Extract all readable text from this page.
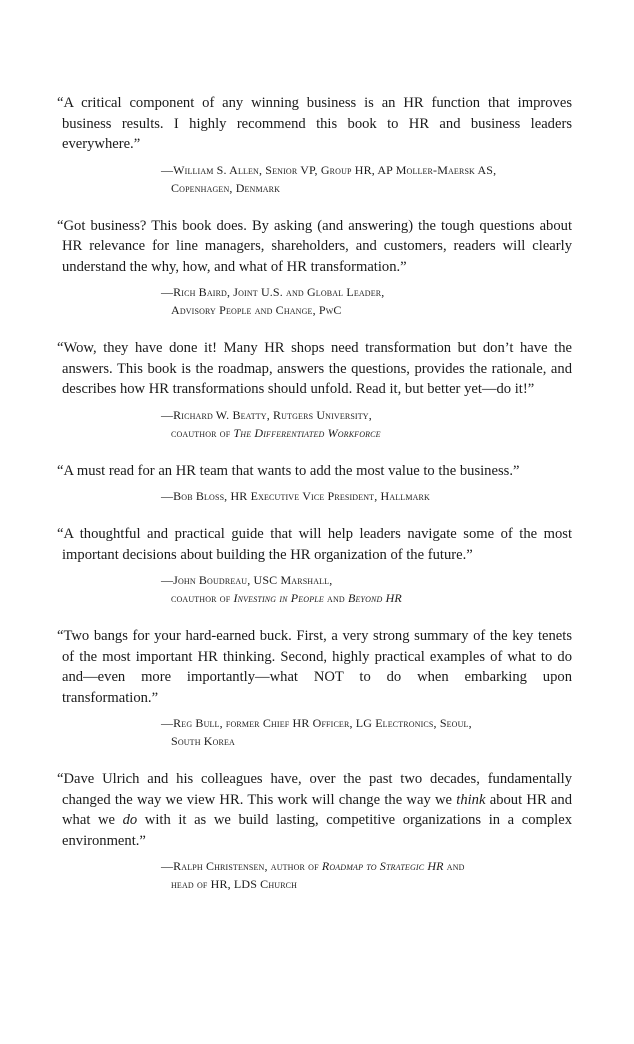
“A critical component of any winning business is an HR function that improves business results. I highly recommend this book to HR and business leaders everywhere.”

—William S. Allen, Senior VP, Group HR, AP Moller-Maersk AS,
Copenhagen, Denmark

“Got business? This book does. By asking (and answering) the tough questions about HR relevance for line managers, shareholders, and customers, readers will clearly understand the why, how, and what of HR transformation.”

—Rich Baird, Joint U.S. and Global Leader,
Advisory People and Change, PwC

“Wow, they have done it! Many HR shops need transformation but don’t have the answers. This book is the roadmap, answers the questions, provides the rationale, and describes how HR transformations should unfold. Read it, but better yet—do it!”

—Richard W. Beatty, Rutgers University,
coauthor of The Differentiated Workforce

“A must read for an HR team that wants to add the most value to the business.”

—Bob Bloss, HR Executive Vice President, Hallmark

“A thoughtful and practical guide that will help leaders navigate some of the most important decisions about building the HR organization of the future.”

—John Boudreau, USC Marshall,
coauthor of Investing in People and Beyond HR

“Two bangs for your hard-earned buck. First, a very strong summary of the key tenets of the most important HR thinking. Second, highly practical examples of what to do and—even more importantly—what NOT to do when embarking upon transformation.”

—Reg Bull, former Chief HR Officer, LG Electronics, Seoul,
South Korea

“Dave Ulrich and his colleagues have, over the past two decades, fundamentally changed the way we view HR. This work will change the way we think about HR and what we do with it as we build lasting, competitive organizations in a complex environment.”

—Ralph Christensen, author of Roadmap to Strategic HR and
head of HR, LDS Church
